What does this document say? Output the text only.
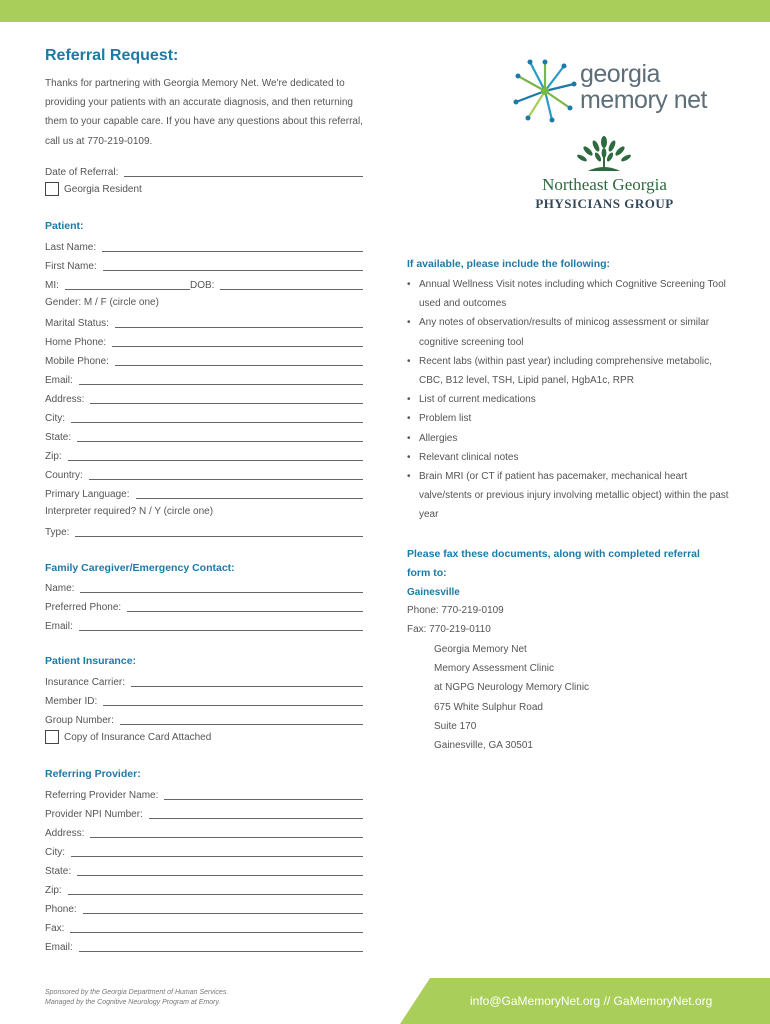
Referral Request:
Thanks for partnering with Georgia Memory Net. We're dedicated to providing your patients with an accurate diagnosis, and then returning them to your capable care. If you have any questions about this referral, call us at 770-219-0109.
georgia
memory net
Northeast Georgia
PHYSICIANS GROUP
Date of Referral:
Georgia Resident
Patient:
Last Name:
First Name:
MI:	DOB:
Gender: M / F (circle one)
Marital Status:
Home Phone:
Mobile Phone:
Email:
Address:
City:
State:
Zip:
Country:
Primary Language:
Interpreter required? N / Y (circle one)
Type:
Family Caregiver/Emergency Contact:
Name:
Preferred Phone:
Email:
Patient Insurance:
Insurance Carrier:
Member ID:
Group Number:
Copy of Insurance Card Attached
Referring Provider:
Referring Provider Name:
Provider NPI Number:
Address:
City:
State:
Zip:
Phone:
Fax:
Email:
If available, please include the following:
• Annual Wellness Visit notes including which Cognitive Screening Tool used and outcomes
• Any notes of observation/results of minicog assessment or similar cognitive screening tool
• Recent labs (within past year) including comprehensive metabolic, CBC, B12 level, TSH, Lipid panel, HgbA1c, RPR
• List of current medications
• Problem list
• Allergies
• Relevant clinical notes
• Brain MRI (or CT if patient has pacemaker, mechanical heart valve/stents or previous injury involving metallic object) within the past year
Please fax these documents, along with completed referral
form to:
Gainesville
Phone: 770-219-0109
Fax: 770-219-0110
Georgia Memory Net
Memory Assessment Clinic
at NGPG Neurology Memory Clinic
675 White Sulphur Road
Suite 170
Gainesville, GA 30501
Sponsored by the Georgia Department of Human Services.
Managed by the Cognitive Neurology Program at Emory.	info@GaMemoryNet.org // GaMemoryNet.org
